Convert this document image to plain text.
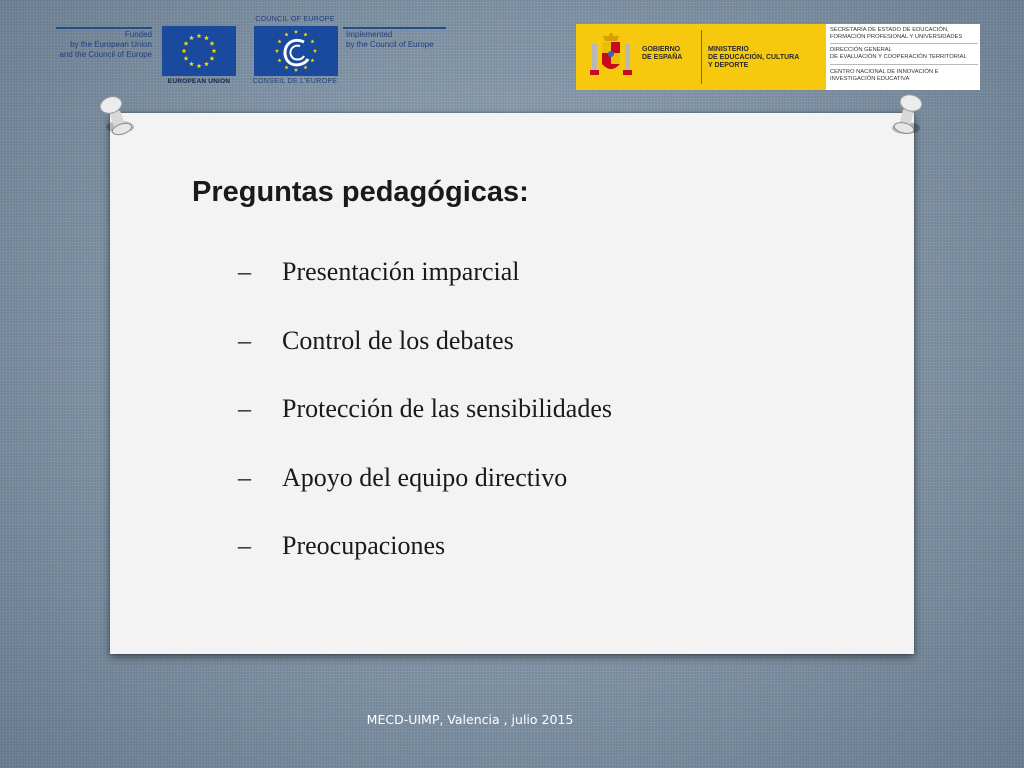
Funded
by the European Union
and the Council of Europe
EUROPEAN UNION
COUNCIL OF EUROPE
CONSEIL DE L'EUROPE
Implemented
by the Council of Europe
GOBIERNO
DE ESPAÑA
MINISTERIO
DE EDUCACIÓN, CULTURA
Y DEPORTE
SECRETARÍA DE ESTADO DE EDUCACIÓN,
FORMACIÓN PROFESIONAL Y UNIVERSIDADES
DIRECCIÓN GENERAL
DE EVALUACIÓN Y COOPERACIÓN TERRITORIAL
CENTRO NACIONAL DE INNOVACIÓN E
INVESTIGACIÓN EDUCATIVA
Preguntas pedagógicas:
– Presentación imparcial
– Control de los debates
– Protección de las sensibilidades
– Apoyo del equipo directivo
– Preocupaciones
MECD-UIMP, Valencia , julio 2015
